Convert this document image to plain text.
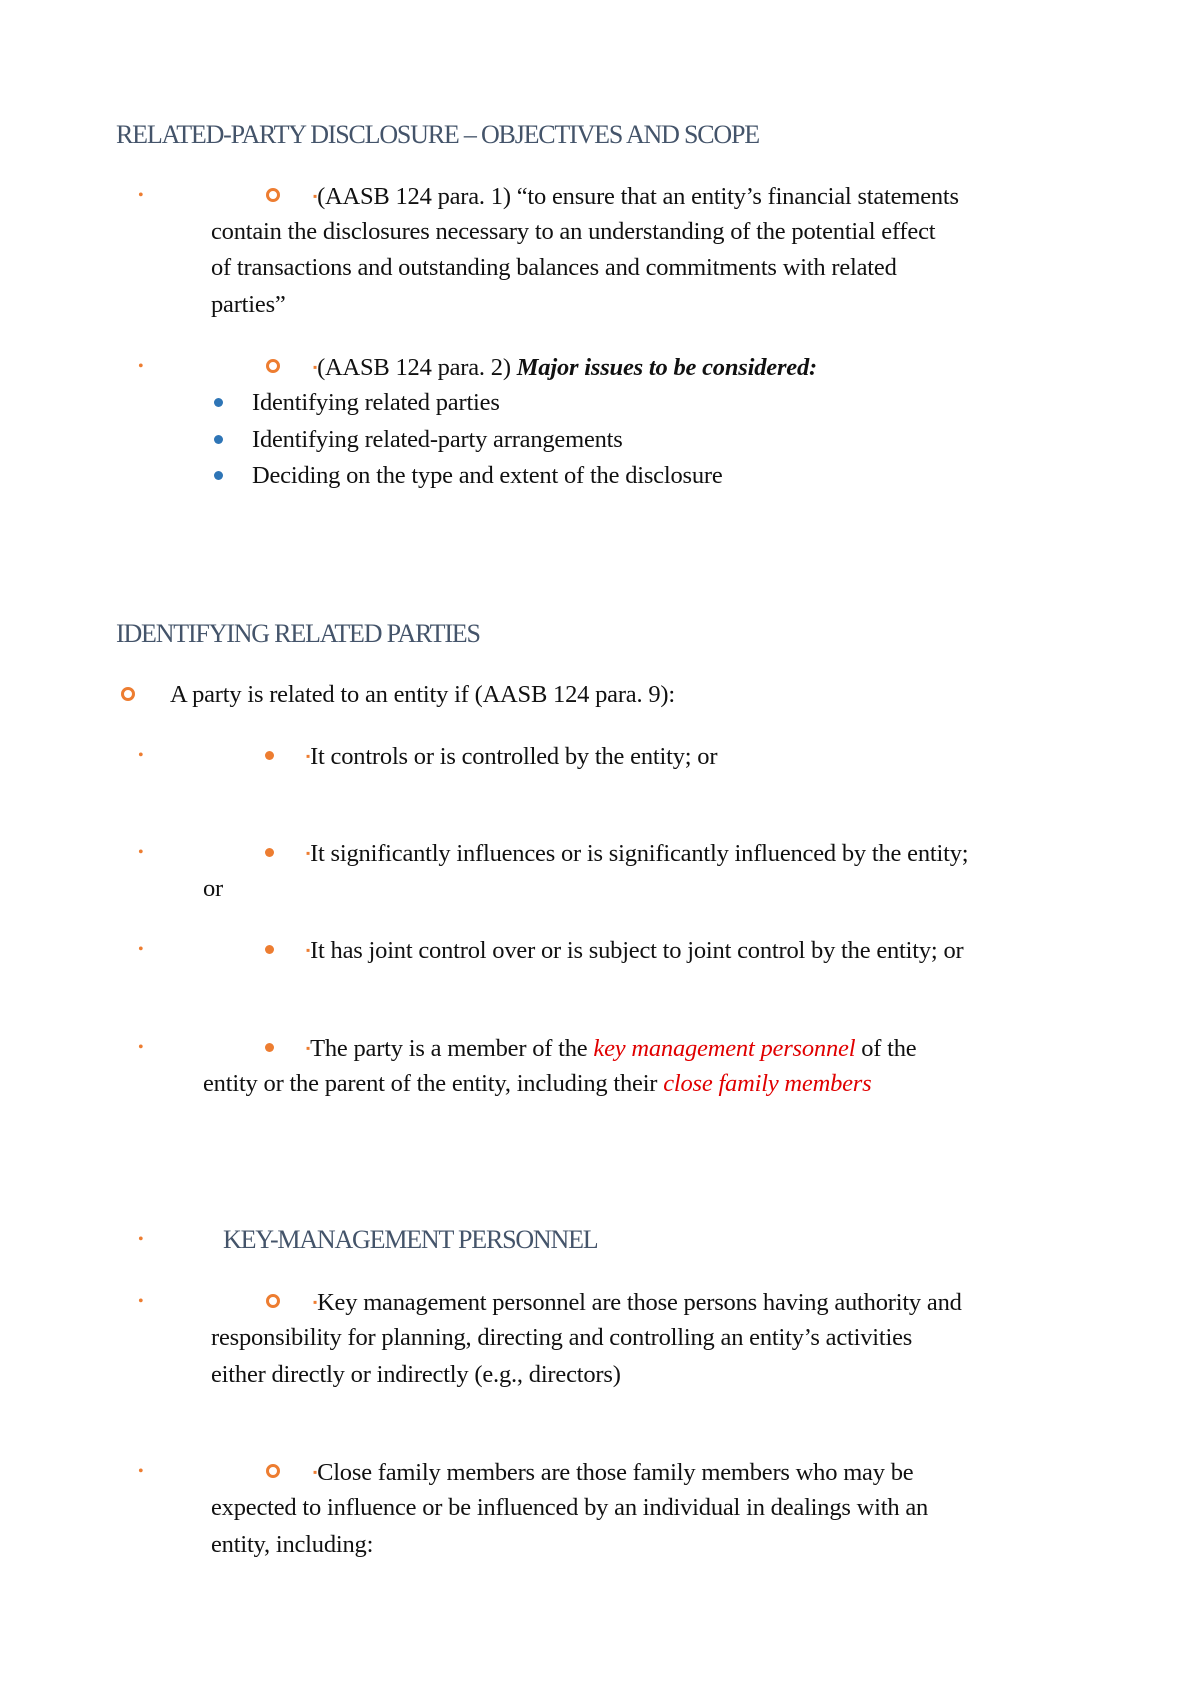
RELATED-PARTY DISCLOSURE – OBJECTIVES AND SCOPE
•	▪(AASB 124 para. 1) “to ensure that an entity’s financial statements
contain the disclosures necessary to an understanding of the potential effect
of transactions and outstanding balances and commitments with related
parties”
•	▪(AASB 124 para. 2) Major issues to be considered:
Identifying related parties
Identifying related-party arrangements
Deciding on the type and extent of the disclosure
IDENTIFYING RELATED PARTIES
A party is related to an entity if (AASB 124 para. 9):
•	▪It controls or is controlled by the entity; or
•	▪It significantly influences or is significantly influenced by the entity;
or
•	▪It has joint control over or is subject to joint control by the entity; or
•	▪The party is a member of the key management personnel of the
entity or the parent of the entity, including their close family members
•	KEY-MANAGEMENT PERSONNEL
•	▪Key management personnel are those persons having authority and
responsibility for planning, directing and controlling an entity’s activities
either directly or indirectly (e.g., directors)
•	▪Close family members are those family members who may be
expected to influence or be influenced by an individual in dealings with an
entity, including:
